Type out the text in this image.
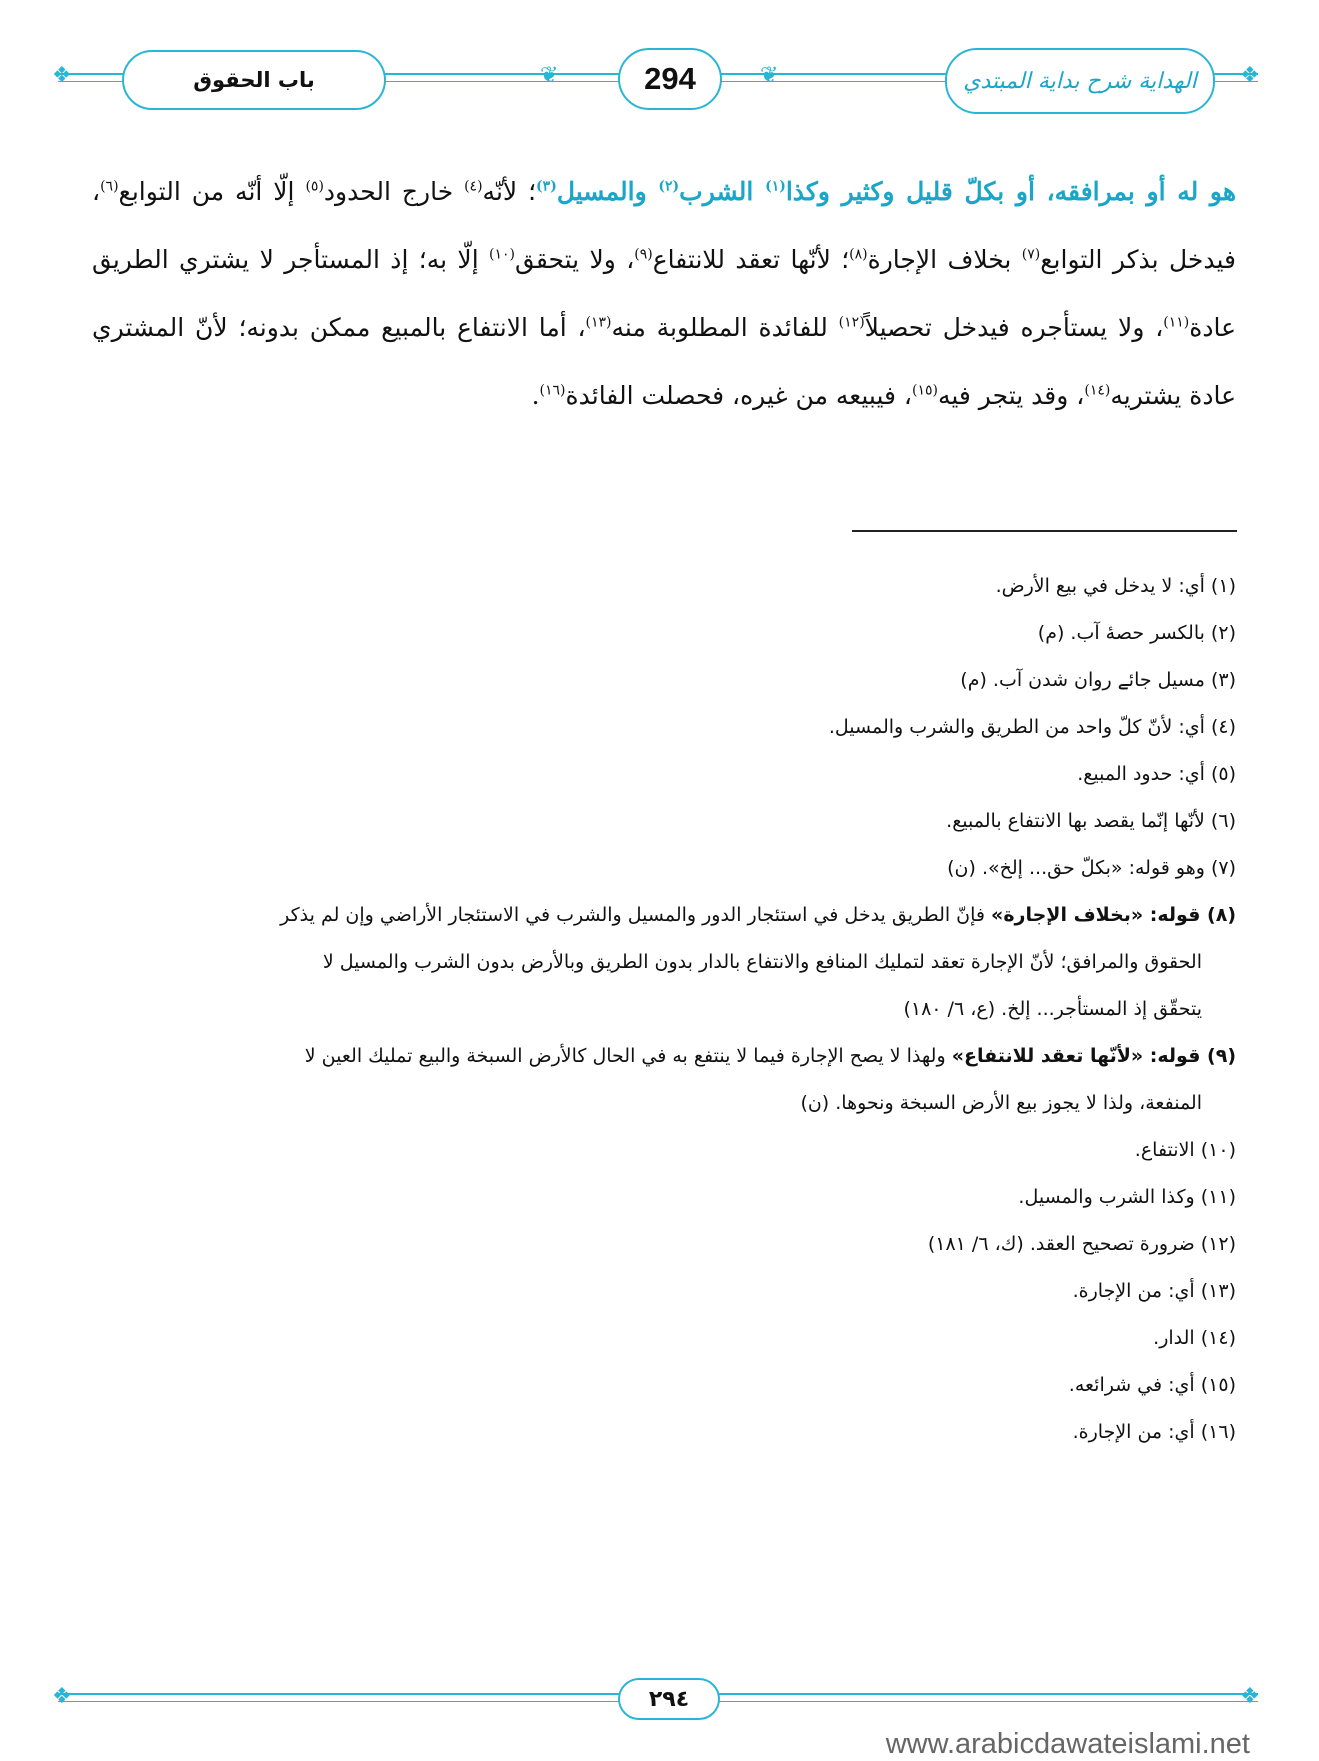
❖	❖
❦	❦
باب الحقوق	294	الهداية شرح بداية المبتدي
هو له أو بمرافقه، أو بكلّ قليل وكثير وكذا$^{(١)}$ الشرب$^{(٢)}$ والمسيل$^{(٣)}$؛ لأنّه$^{(٤)}$ خارج الحدود$^{(٥)}$ إلّا أنّه من التوابع$^{(٦)}$، فيدخل بذكر التوابع$^{(٧)}$ بخلاف الإجارة$^{(٨)}$؛ لأنّها تعقد للانتفاع$^{(٩)}$، ولا يتحقق$^{(١٠)}$ إلّا به؛ إذ المستأجر لا يشتري الطريق عادة$^{(١١)}$، ولا يستأجره فيدخل تحصيلاً$^{(١٢)}$ للفائدة المطلوبة منه$^{(١٣)}$، أما الانتفاع بالمبيع ممكن بدونه؛ لأنّ المشتري عادة يشتريه$^{(١٤)}$، وقد يتجر فيه$^{(١٥)}$، فيبيعه من غيره، فحصلت الفائدة$^{(١٦)}$.
(١) أي: لا يدخل في بيع الأرض.
(٢) بالكسر حصهٔ آب. (م)
(٣) مسيل جائے روان شدن آب. (م)
(٤) أي: لأنّ كلّ واحد من الطريق والشرب والمسيل.
(٥) أي: حدود المبيع.
(٦) لأنّها إنّما يقصد بها الانتفاع بالمبيع.
(٧) وهو قوله: «بكلّ حق... إلخ». (ن)
(٨) قوله: «بخلاف الإجارة» فإنّ الطريق يدخل في استئجار الدور والمسيل والشرب في الاستئجار الأراضي وإن لم يذكر
الحقوق والمرافق؛ لأنّ الإجارة تعقد لتمليك المنافع والانتفاع بالدار بدون الطريق وبالأرض بدون الشرب والمسيل لا
يتحقّق إذ المستأجر... إلخ. (ع، ٦/ ١٨٠)
(٩) قوله: «لأنّها تعقد للانتفاع» ولهذا لا يصح الإجارة فيما لا ينتفع به في الحال كالأرض السبخة والبيع تمليك العين لا
المنفعة، ولذا لا يجوز بيع الأرض السبخة ونحوها. (ن)
(١٠) الانتفاع.
(١١) وكذا الشرب والمسيل.
(١٢) ضرورة تصحيح العقد. (ك، ٦/ ١٨١)
(١٣) أي: من الإجارة.
(١٤) الدار.
(١٥) أي: في شرائعه.
(١٦) أي: من الإجارة.
❖	❖
٢٩٤
www.arabicdawateislami.net
